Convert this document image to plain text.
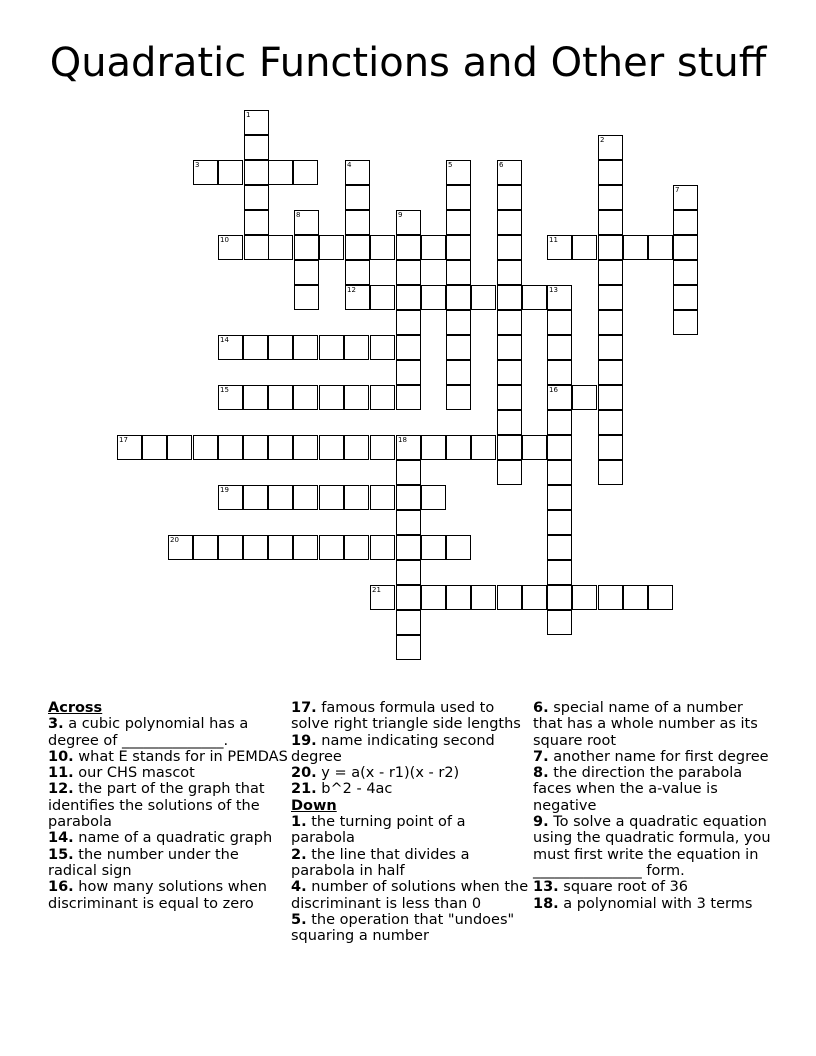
Quadratic Functions and Other stuff
1
2
3	4	5	6
7
8	9
10	11
12	13
14
15	16
17	18
19
20
21
Across
3. a cubic polynomial has a degree of ______________.
10. what E stands for in PEMDAS
11. our CHS mascot
12. the part of the graph that identifies the solutions of the parabola
14. name of a quadratic graph
15. the number under the radical sign
16. how many solutions when discriminant is equal to zero
17. famous formula used to solve right triangle side lengths
19. name indicating second degree
20. y = a(x - r1)(x - r2)
21. b^2 - 4ac
Down
1. the turning point of a parabola
2. the line that divides a parabola in half
4. number of solutions when the discriminant is less than 0
5. the operation that "undoes" squaring a number
6. special name of a number that has a whole number as its square root
7. another name for first degree
8. the direction the parabola faces when the a-value is negative
9. To solve a quadratic equation using the quadratic formula, you must first write the equation in _______________ form.
13. square root of 36
18. a polynomial with 3 terms
